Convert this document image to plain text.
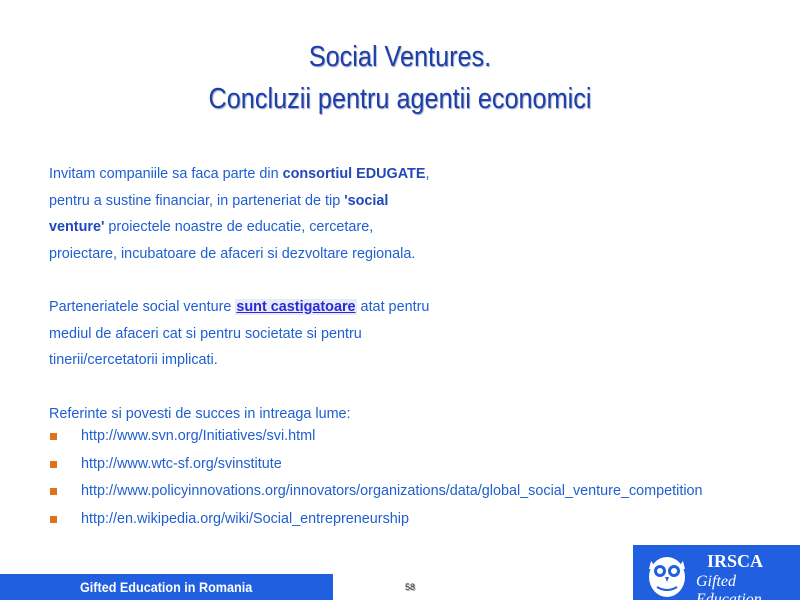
Social Ventures.
Concluzii pentru agentii economici

Invitam companiile sa faca parte din consortiul EDUGATE,
pentru a sustine financiar, in parteneriat de tip 'social
venture' proiectele noastre de educatie, cercetare,
proiectare, incubatoare de afaceri si dezvoltare regionala.

Parteneriatele social venture sunt castigatoare atat pentru
mediul de afaceri cat si pentru societate si pentru
tinerii/cercetatorii implicati.

Referinte si povesti de succes in intreaga lume:

http://www.svn.org/Initiatives/svi.html
http://www.wtc-sf.org/svinstitute
http://www.policyinnovations.org/innovators/organizations/data/global_social_venture_competition
http://en.wikipedia.org/wiki/Social_entrepreneurship
Gifted Education in Romania	58
IRSCA
Gifted Education
